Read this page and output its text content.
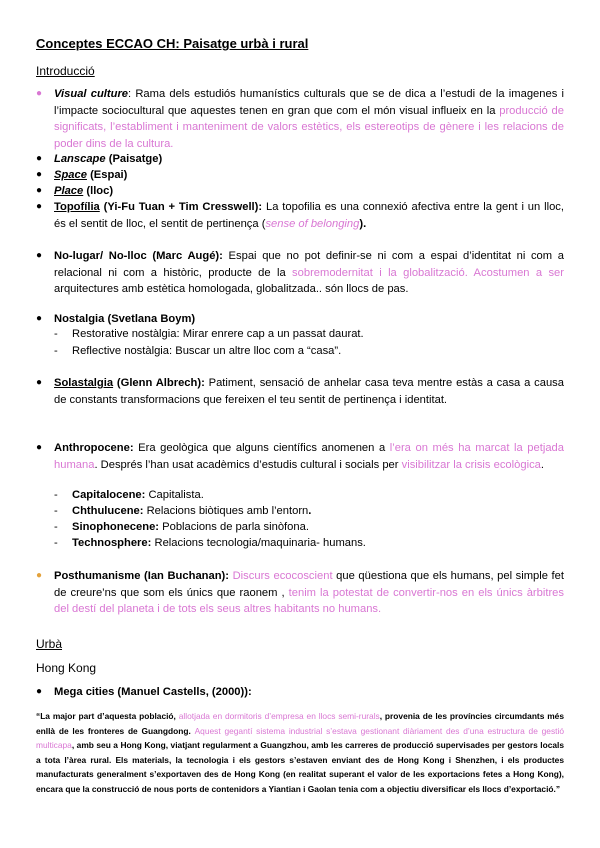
Conceptes ECCAO CH: Paisatge urbà i rural
Introducció
●	Visual culture: Rama dels estudiós humanístics culturals que se de dica a l’estudi de la imagenes i l’impacte sociocultural que aquestes tenen en gran que com el món visual influeix en la producció de significats, l’establiment i manteniment de valors estètics, els estereotips de gènere i les relacions de poder dins de la cultura.
●	Lanscape (Paisatge)
●	Space (Espai)
●	Place (lloc)
●	Topofília (Yi-Fu Tuan + Tim Cresswell): La topofilia es una connexió afectiva entre la gent i un lloc, és el sentit de lloc, el sentit de pertinença (sense of belonging).
●	No-lugar/ No-lloc (Marc Augé): Espai que no pot definir-se ni com a espai d’identitat ni com a relacional ni com a històric, producte de la sobremodernitat i la globalització. Acostumen a ser arquitectures amb estètica homologada, globalitzada.. són llocs de pas.
●	Nostalgia (Svetlana Boym)
- Restorative nostàlgia: Mirar enrere cap a un passat daurat.
- Reflective nostàlgia: Buscar un altre lloc com a “casa”.
●	Solastalgia (Glenn Albrech): Patiment, sensació de anhelar casa teva mentre estàs a casa a causa de constants transformacions que fereixen el teu sentit de pertinença i identitat.
●	Anthropocene: Era geològica que alguns científics anomenen a l’era on més ha marcat la petjada humana. Després l’han usat acadèmics d’estudis cultural i socials per visibilitzar la crisis ecològica.
- Capitalocene: Capitalista.
- Chthulucene: Relacions biòtiques amb l’entorn.
- Sinophonecene: Poblacions de parla sinòfona.
- Technosphere: Relacions tecnologia/maquinaria- humans.
●	Posthumanisme (Ian Buchanan): Discurs ecocoscient que qüestiona que els humans, pel simple fet de creure’ns que som els únics que raonem , tenim la potestat de convertir-nos en els únics àrbitres del destí del planeta i de tots els seus altres habitants no humans.
Urbà
Hong Kong
●	Mega cities (Manuel Castells, (2000)):
“La major part d’aquesta població, allotjada en dormitoris d’empresa en llocs semi-rurals, provenia de les províncies circumdants més enllà de les fronteres de Guangdong. Aquest gegantí sistema industrial s’estava gestionant diàriament des d’una estructura de gestió multicapa, amb seu a Hong Kong, viatjant regularment a Guangzhou, amb les carreres de producció supervisades per gestors locals a tota l’àrea rural. Els materials, la tecnologia i els gestors s’estaven enviant des de Hong Kong i Shenzhen, i els productes manufacturats generalment s’exportaven des de Hong Kong (en realitat superant el valor de les exportacions fetes a Hong Kong), encara que la construcció de nous ports de contenidors a Yiantian i Gaolan tenia com a objectiu diversificar els llocs d’exportació.”
